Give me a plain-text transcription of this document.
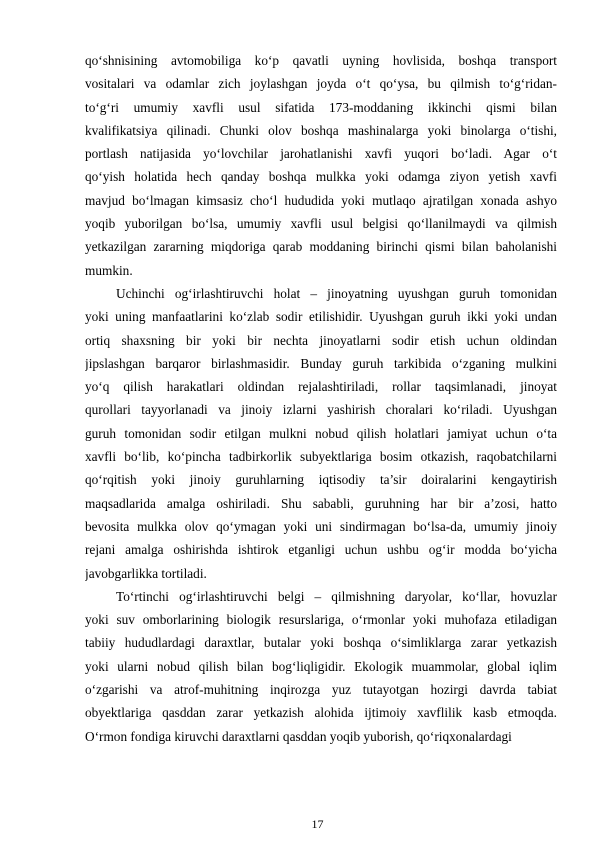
qo‘shnisining avtomobiliga ko‘p qavatli uyning hovlisida, boshqa transport
vositalari va odamlar zich joylashgan joyda o‘t qo‘ysa, bu qilmish to‘g‘ridan-
to‘g‘ri umumiy xavfli usul sifatida 173-moddaning ikkinchi qismi bilan
kvalifikatsiya qilinadi. Chunki olov boshqa mashinalarga yoki binolarga o‘tishi,
portlash natijasida yo‘lovchilar jarohatlanishi xavfi yuqori bo‘ladi. Agar o‘t
qo‘yish holatida hech qanday boshqa mulkka yoki odamga ziyon yetish xavfi
mavjud bo‘lmagan kimsasiz cho‘l hududida yoki mutlaqo ajratilgan xonada ashyo
yoqib yuborilgan bo‘lsa, umumiy xavfli usul belgisi qo‘llanilmaydi va qilmish
yetkazilgan zararning miqdoriga qarab moddaning birinchi qismi bilan baholanishi
mumkin.

Uchinchi og‘irlashtiruvchi holat – jinoyatning uyushgan guruh tomonidan
yoki uning manfaatlarini ko‘zlab sodir etilishidir. Uyushgan guruh ikki yoki undan
ortiq shaxsning bir yoki bir nechta jinoyatlarni sodir etish uchun oldindan
jipslashgan barqaror birlashmasidir. Bunday guruh tarkibida o‘zganing mulkini
yo‘q qilish harakatlari oldindan rejalashtiriladi, rollar taqsimlanadi, jinoyat
qurollari tayyorlanadi va jinoiy izlarni yashirish choralari ko‘riladi. Uyushgan
guruh tomonidan sodir etilgan mulkni nobud qilish holatlari jamiyat uchun o‘ta
xavfli bo‘lib, ko‘pincha tadbirkorlik subyektlariga bosim otkazish, raqobatchilarni
qo‘rqitish yoki jinoiy guruhlarning iqtisodiy ta’sir doiralarini kengaytirish
maqsadlarida amalga oshiriladi. Shu sababli, guruhning har bir a’zosi, hatto
bevosita mulkka olov qo‘ymagan yoki uni sindirmagan bo‘lsa-da, umumiy jinoiy
rejani amalga oshirishda ishtirok etganligi uchun ushbu og‘ir modda bo‘yicha
javobgarlikka tortiladi.

To‘rtinchi og‘irlashtiruvchi belgi – qilmishning daryolar, ko‘llar, hovuzlar
yoki suv omborlarining biologik resurslariga, o‘rmonlar yoki muhofaza etiladigan
tabiiy hududlardagi daraxtlar, butalar yoki boshqa o‘simliklarga zarar yetkazish
yoki ularni nobud qilish bilan bog‘liqligidir. Ekologik muammolar, global iqlim
o‘zgarishi va atrof-muhitning inqirozga yuz tutayotgan hozirgi davrda tabiat
obyektlariga qasddan zarar yetkazish alohida ijtimoiy xavflilik kasb etmoqda.
O‘rmon fondiga kiruvchi daraxtlarni qasddan yoqib yuborish, qo‘riqxonalardagi

17
